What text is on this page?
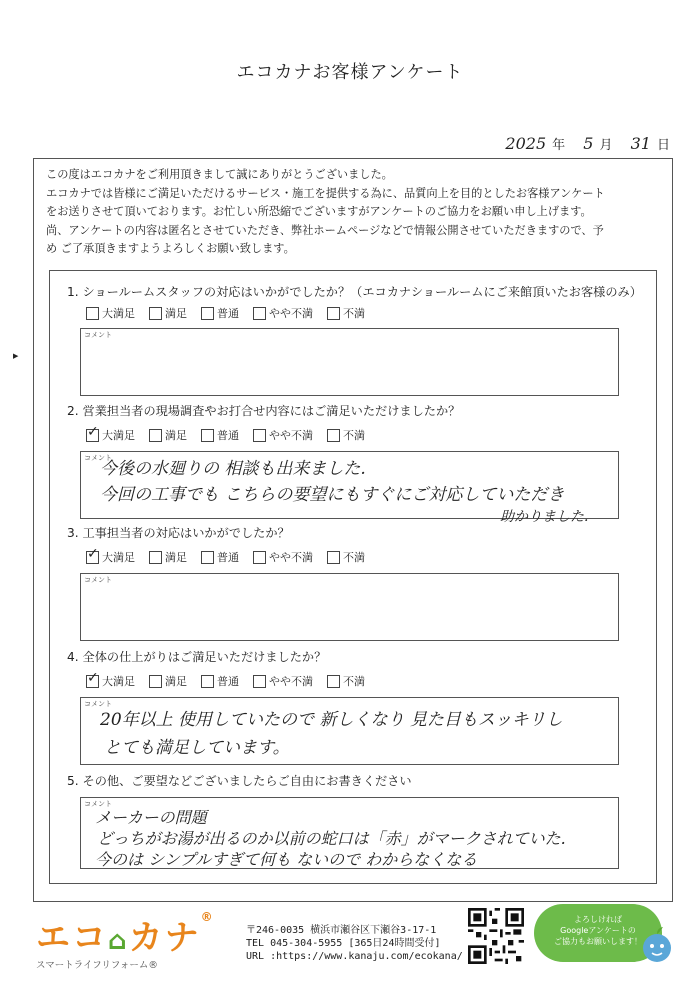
エコカナお客様アンケート
2025 年 5 月 31 日
▶
この度はエコカナをご利用頂きまして誠にありがとうございました。
エコカナでは皆様にご満足いただけるサービス・施工を提供する為に、品質向上を目的としたお客様アンケート
をお送りさせて頂いております。お忙しい所恐縮でございますがアンケートのご協力をお願い申し上げます。
尚、アンケートの内容は匿名とさせていただき、弊社ホームページなどで情報公開させていただきますので、予
め ご了承頂きますようよろしくお願い致します。
1. ショールームスタッフの対応はいかがでしたか？（エコカナショールームにご来館頂いたお客様のみ）
大満足	満足	普通	やや不満	不満
コメント
2. 営業担当者の現場調査やお打合せ内容にはご満足いただけましたか？
✓
大満足	満足	普通	やや不満	不満
コメント
今後の水廻りの 相談も出来ました.
今回の工事でも こちらの要望にもすぐにご対応していただき
助かりました.
3. 工事担当者の対応はいかがでしたか？
✓
大満足	満足	普通	やや不満	不満
コメント
4. 全体の仕上がりはご満足いただけましたか？
✓
大満足	満足	普通	やや不満	不満
コメント
20年以上 使用していたので 新しくなり 見た目もスッキリし
とても満足しています。
5. その他、ご要望などございましたらご自由にお書きください
コメント
メーカーの問題
どっちがお湯が出るのか以前の蛇口は「赤」がマークされていた.
今のは シンプルすぎて何も ないので わからなくなる
エコ⌂カナ®
スマートライフリフォーム®
〒246-0035 横浜市瀬谷区下瀬谷3-17-1
TEL 045-304-5955 [365日24時間受付]
URL :https://www.kanaju.com/ecokana/
よろしければ
Googleアンケートの
ご協力もお願いします！
